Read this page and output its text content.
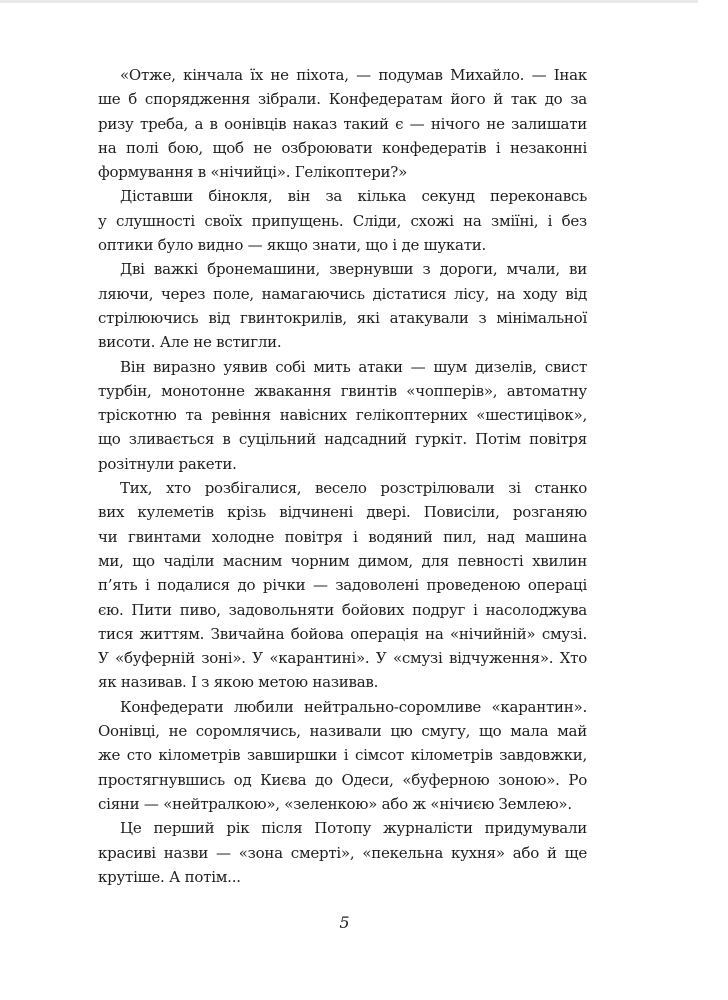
«Отже, кінчала їх не піхота, — подумав Михайло. — Інак
ше б спорядження зібрали. Конфедератам його й так до за
ризу треба, а в оонівців наказ такий є — нічого не залишати
на полі бою, щоб не озброювати конфедератів і незаконні
формування в «нічийці». Гелікоптери?»
Діставши бінокля, він за кілька секунд переконавсь
у слушності своїх припущень. Сліди, схожі на зміїні, і без
оптики було видно — якщо знати, що і де шукати.
Дві важкі бронемашини, звернувши з дороги, мчали, ви
ляючи, через поле, намагаючись дістатися лісу, на ходу від
стрілюючись від гвинтокрилів, які атакували з мінімальної
висоти. Але не встигли.
Він виразно уявив собі мить атаки — шум дизелів, свист
турбін, монотонне жвакання гвинтів «чопперів», автоматну
тріскотню та ревіння навісних гелікоптерних «шестицівок»,
що зливається в суцільний надсадний гуркіт. Потім повітря
розітнули ракети.
Тих, хто розбігалися, весело розстрілювали зі станко
вих кулеметів крізь відчинені двері. Повисіли, розганяю
чи гвинтами холодне повітря і водяний пил, над машина
ми, що чаділи масним чорним димом, для певності хвилин
п’ять і подалися до річки — задоволені проведеною операці
єю. Пити пиво, задовольняти бойових подруг і насолоджува
тися життям. Звичайна бойова операція на «нічийній» смузі.
У «буферній зоні». У «карантині». У «смузі відчуження». Хто
як називав. І з якою метою називав.
Конфедерати любили нейтрально-соромливе «карантин».
Оонівці, не соромлячись, називали цю смугу, що мала май
же сто кілометрів завширшки і сімсот кілометрів завдовжки,
простягнувшись од Києва до Одеси, «буферною зоною». Ро
сіяни — «нейтралкою», «зеленкою» або ж «нічиєю Землею».
Це перший рік після Потопу журналісти придумували
красиві назви — «зона смерті», «пекельна кухня» або й ще
крутіше. А потім...
5
